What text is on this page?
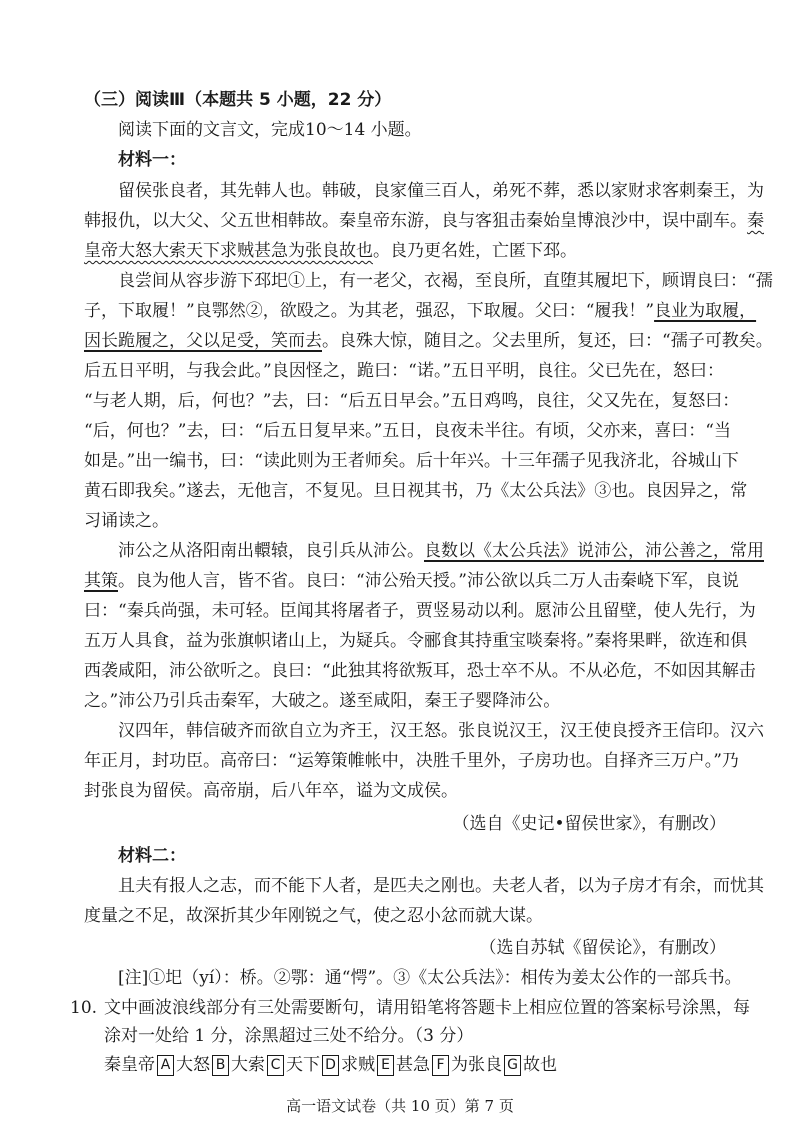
（三）阅读Ⅲ（本题共 5 小题，22 分）
阅读下面的文言文，完成10～14 小题。
材料一：
留侯张良者，其先韩人也。韩破，良家僮三百人，弟死不葬，悉以家财求客刺秦王，为
韩报仇，以大父、父五世相韩故。秦皇帝东游，良与客狙击秦始皇博浪沙中，误中副车。秦
皇帝大怒大索天下求贼甚急为张良故也。良乃更名姓，亡匿下邳。
良尝间从容步游下邳圯①上，有一老父，衣褐，至良所，直堕其履圯下，顾谓良曰：“孺
子，下取履！”良鄂然②，欲殴之。为其老，强忍，下取履。父曰：“履我！”良业为取履，
因长跪履之，父以足受，笑而去。良殊大惊，随目之。父去里所，复还，曰：“孺子可教矣。
后五日平明，与我会此。”良因怪之，跪曰：“诺。”五日平明，良往。父已先在，怒曰：
“与老人期，后，何也？”去，曰：“后五日早会。”五日鸡鸣，良往，父又先在，复怒曰：
“后，何也？”去，曰：“后五日复早来。”五日，良夜未半往。有顷，父亦来，喜曰：“当
如是。”出一编书，曰：“读此则为王者师矣。后十年兴。十三年孺子见我济北，谷城山下
黄石即我矣。”遂去，无他言，不复见。旦日视其书，乃《太公兵法》③也。良因异之，常
习诵读之。
沛公之从洛阳南出轘辕，良引兵从沛公。良数以《太公兵法》说沛公，沛公善之，常用
其策。良为他人言，皆不省。良曰：“沛公殆天授。”沛公欲以兵二万人击秦峣下军，良说
曰：“秦兵尚强，未可轻。臣闻其将屠者子，贾竖易动以利。愿沛公且留壁，使人先行，为
五万人具食，益为张旗帜诸山上，为疑兵。令郦食其持重宝啖秦将。”秦将果畔，欲连和俱
西袭咸阳，沛公欲听之。良曰：“此独其将欲叛耳，恐士卒不从。不从必危，不如因其解击
之。”沛公乃引兵击秦军，大破之。遂至咸阳，秦王子婴降沛公。
汉四年，韩信破齐而欲自立为齐王，汉王怒。张良说汉王，汉王使良授齐王信印。汉六
年正月，封功臣。高帝曰：“运筹策帷帐中，决胜千里外，子房功也。自择齐三万户。”乃
封张良为留侯。高帝崩，后八年卒，谥为文成侯。
（选自《史记•留侯世家》，有删改）
材料二：
且夫有报人之志，而不能下人者，是匹夫之刚也。夫老人者，以为子房才有余，而忧其
度量之不足，故深折其少年刚锐之气，使之忍小忿而就大谋。
（选自苏轼《留侯论》，有删改）
[注]①圯（yí）：桥。②鄂：通“愕”。③《太公兵法》：相传为姜太公作的一部兵书。
10. 文中画波浪线部分有三处需要断句，请用铅笔将答题卡上相应位置的答案标号涂黑，每
涂对一处给 1 分，涂黑超过三处不给分。（3 分）
秦皇帝 A 大怒 B 大索 C 天下 D 求贼 E 甚急 F 为张良 G 故也
高一语文试卷（共 10 页）第 7 页
